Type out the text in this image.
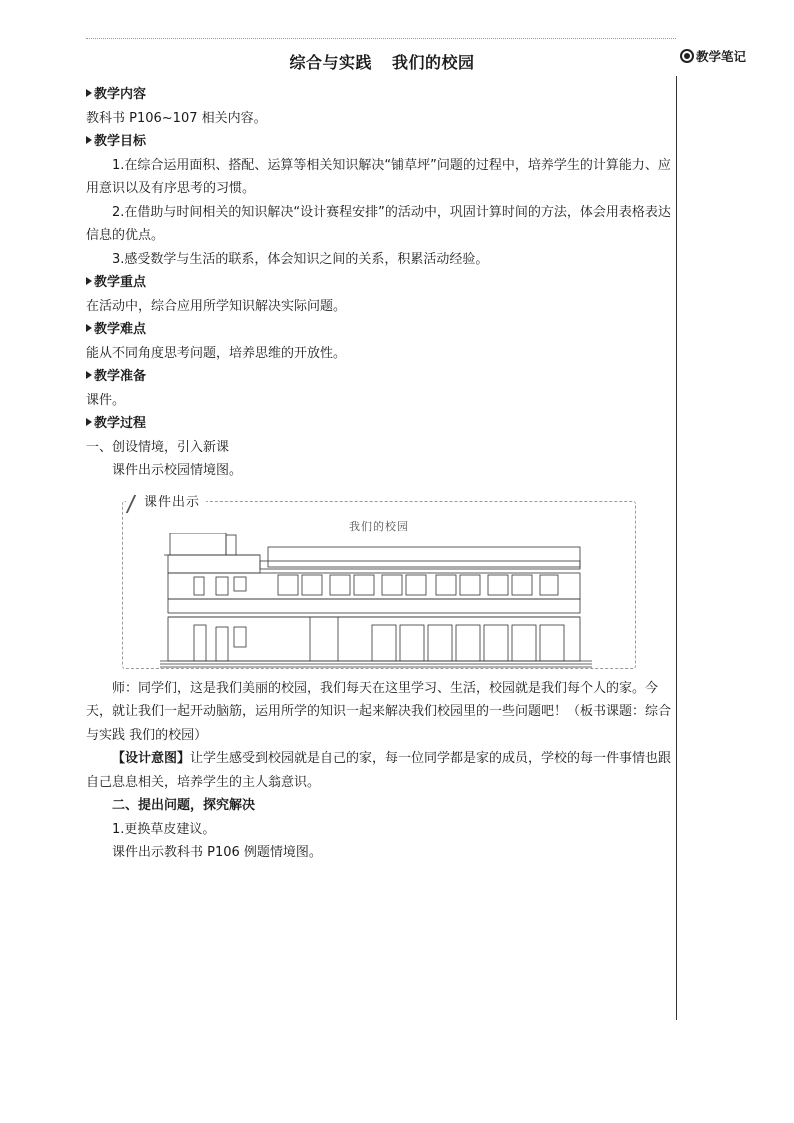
综合与实践 我们的校园	教学笔记

教学内容

教科书 P106~107 相关内容。

教学目标

1.在综合运用面积、搭配、运算等相关知识解决“铺草坪”问题的过程中，培养学生的计算能力、应用意识以及有序思考的习惯。

2.在借助与时间相关的知识解决“设计赛程安排”的活动中，巩固计算时间的方法，体会用表格表达信息的优点。

3.感受数学与生活的联系，体会知识之间的关系，积累活动经验。

教学重点

在活动中，综合应用所学知识解决实际问题。

教学难点

能从不同角度思考问题，培养思维的开放性。

教学准备

课件。

教学过程

一、创设情境，引入新课

课件出示校园情境图。

课件出示
我们的校园

师：同学们，这是我们美丽的校园，我们每天在这里学习、生活，校园就是我们每个人的家。今天，就让我们一起开动脑筋，运用所学的知识一起来解决我们校园里的一些问题吧！（板书课题：综合与实践 我们的校园）

【设计意图】让学生感受到校园就是自己的家，每一位同学都是家的成员，学校的每一件事情也跟自己息息相关，培养学生的主人翁意识。

二、提出问题，探究解决

1.更换草皮建议。

课件出示教科书 P106 例题情境图。
